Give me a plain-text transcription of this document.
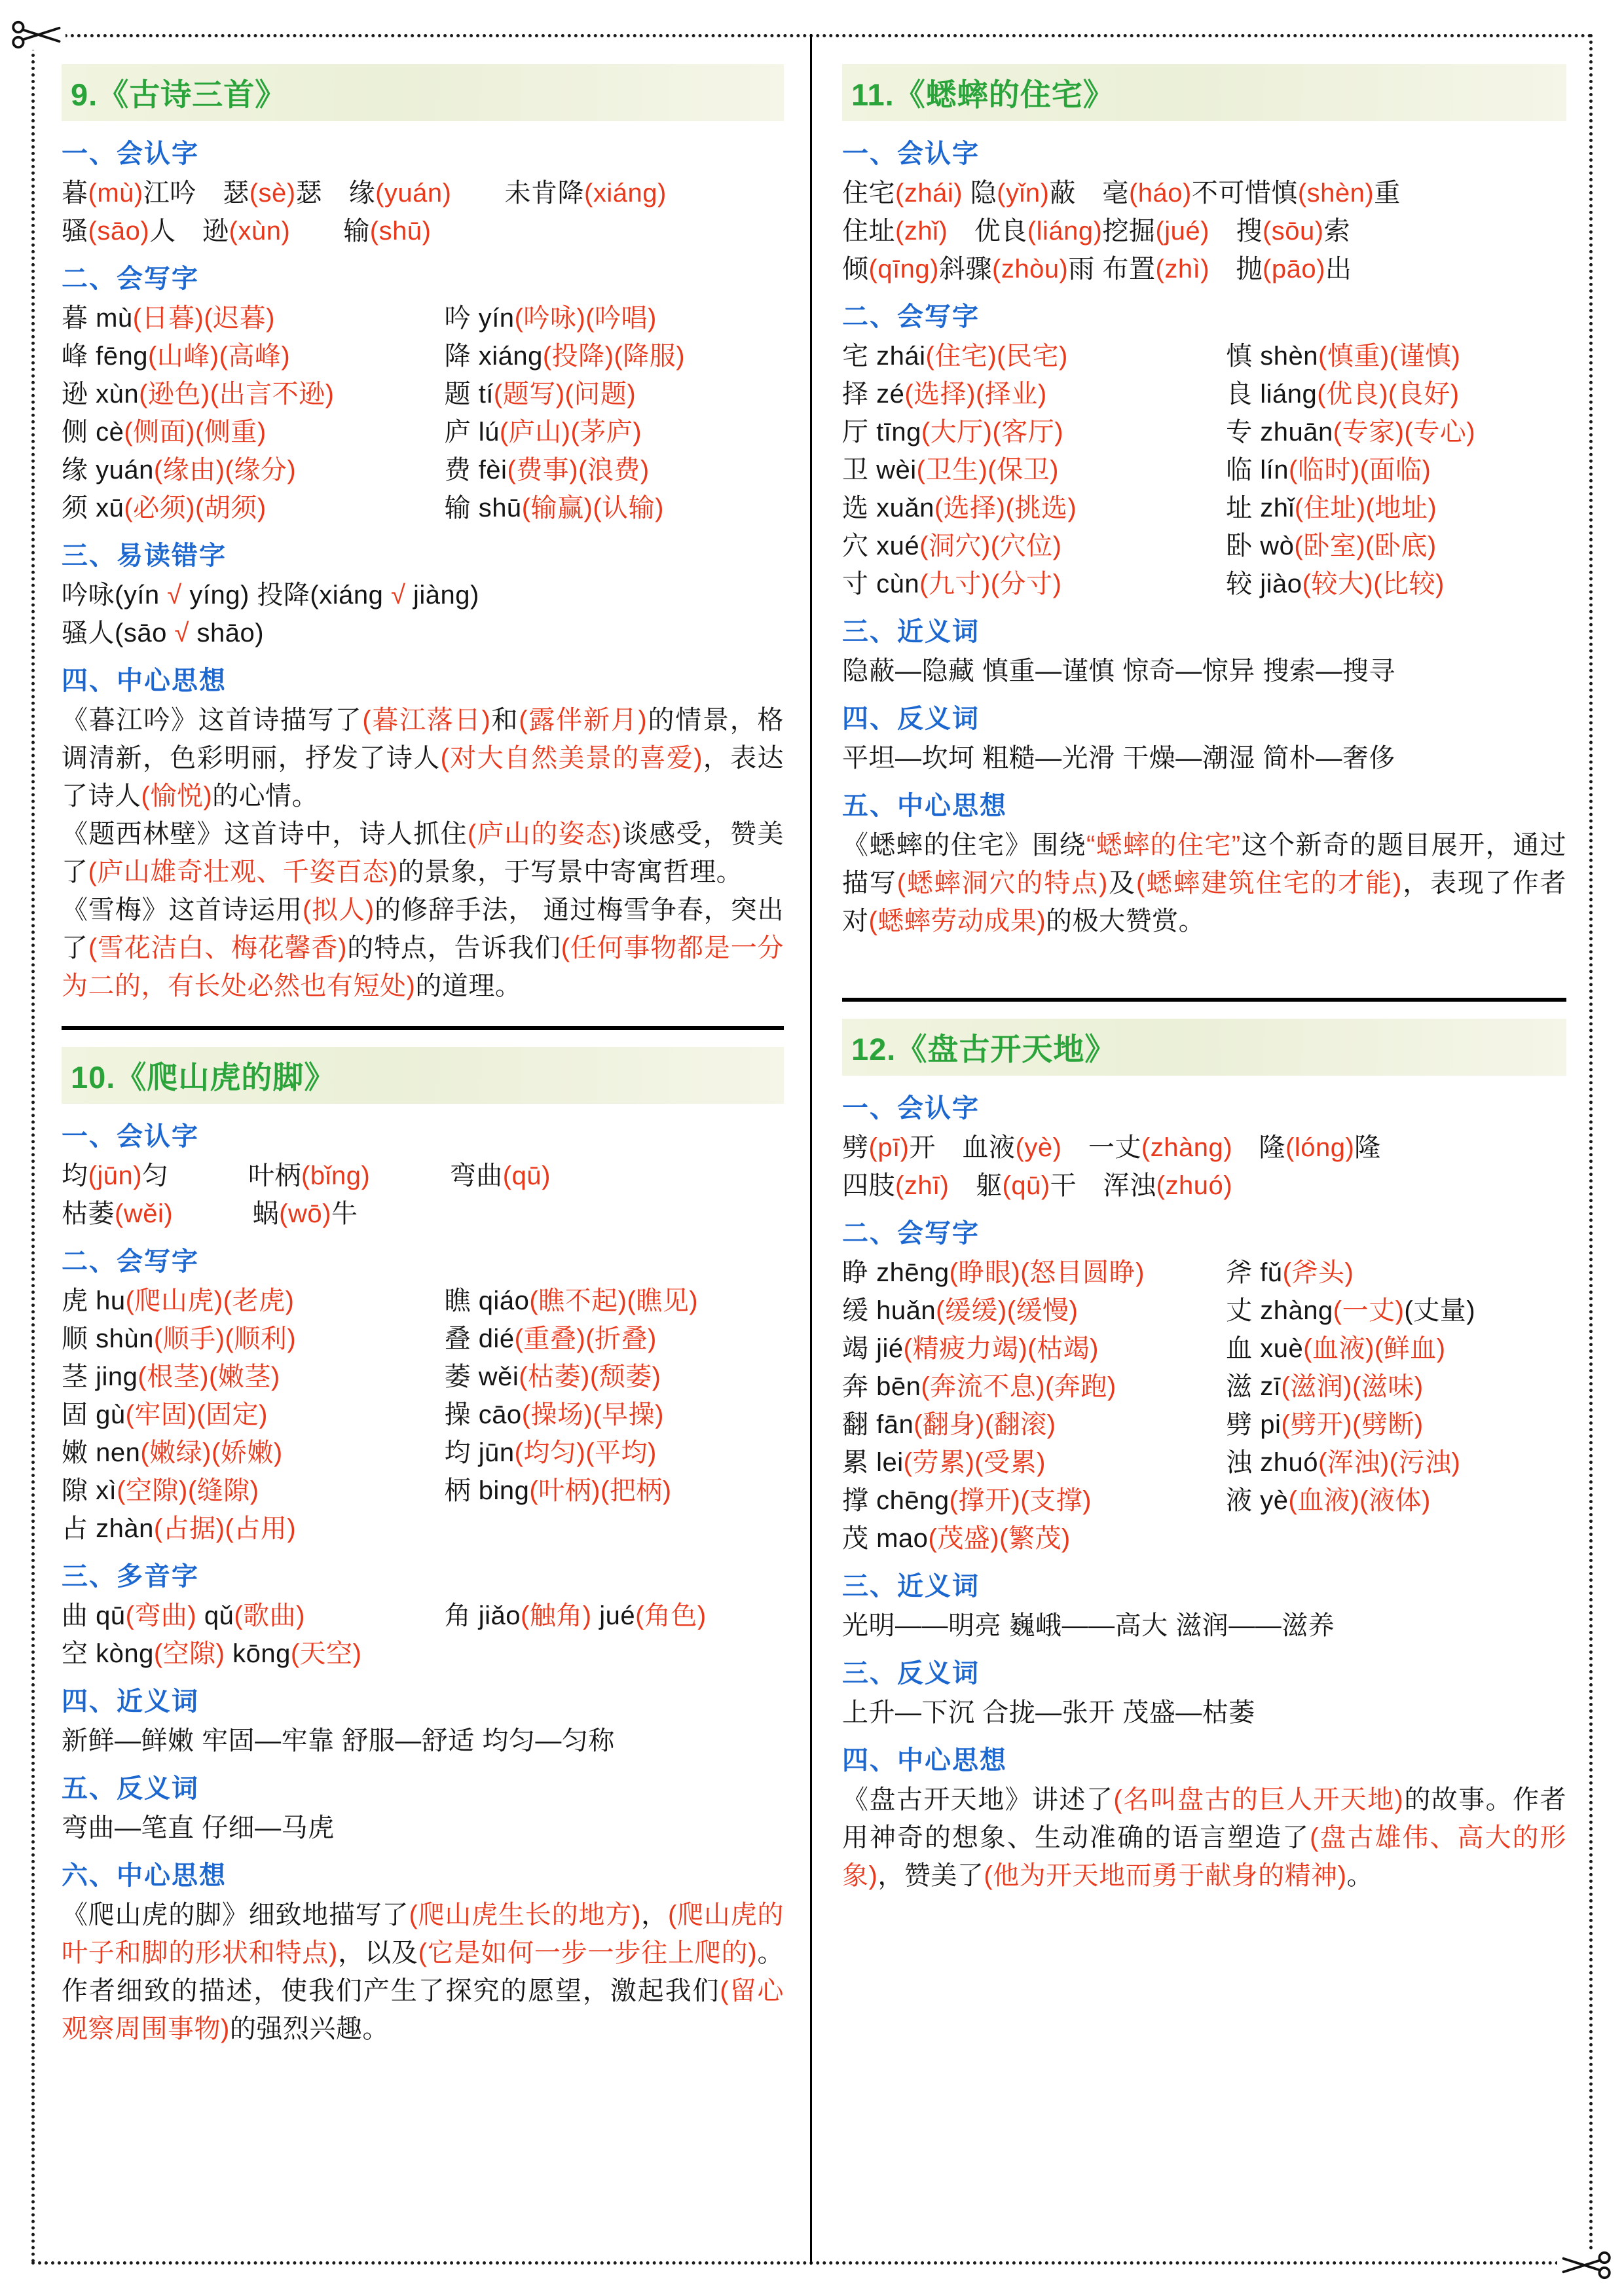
9.《古诗三首》
一、会认字
暮(mù)江吟　瑟(sè)瑟　缘(yuán)　　未肯降(xiáng)
骚(sāo)人　逊(xùn)　　输(shū)
二、会写字
暮 mù(日暮)(迟暮)	吟 yín(吟咏)(吟唱)
峰 fēng(山峰)(高峰)	降 xiáng(投降)(降服)
逊 xùn(逊色)(出言不逊)	题 tí(题写)(问题)
侧 cè(侧面)(侧重)	庐 lú(庐山)(茅庐)
缘 yuán(缘由)(缘分)	费 fèi(费事)(浪费)
须 xū(必须)(胡须)	输 shū(输赢)(认输)
三、易读错字
吟咏(yín √ yíng) 投降(xiáng √ jiàng)
骚人(sāo √ shāo)
四、中心思想
《暮江吟》这首诗描写了(暮江落日)和(露伴新月)的情景，格调清新，色彩明丽，抒发了诗人(对大自然美景的喜爱)，表达了诗人(愉悦)的心情。
《题西林壁》这首诗中，诗人抓住(庐山的姿态)谈感受，赞美了(庐山雄奇壮观、千姿百态)的景象，于写景中寄寓哲理。
《雪梅》这首诗运用(拟人)的修辞手法， 通过梅雪争春，突出了(雪花洁白、梅花馨香)的特点，告诉我们(任何事物都是一分为二的，有长处必然也有短处)的道理。
10.《爬山虎的脚》
一、会认字
均(jūn)匀　　　叶柄(bǐng)　　　弯曲(qū)
枯萎(wěi)　　　蜗(wō)牛
二、会写字
虎 hu(爬山虎)(老虎)	瞧 qiáo(瞧不起)(瞧见)
顺 shùn(顺手)(顺利)	叠 dié(重叠)(折叠)
茎 jing(根茎)(嫩茎)	萎 wěi(枯萎)(颓萎)
固 gù(牢固)(固定)	操 cāo(操场)(早操)
嫩 nen(嫩绿)(娇嫩)	均 jūn(均匀)(平均)
隙 xì(空隙)(缝隙)	柄 bing(叶柄)(把柄)
占 zhàn(占据)(占用)
三、多音字
曲 qū(弯曲) qǔ(歌曲)	角 jiǎo(触角) jué(角色)
空 kòng(空隙) kōng(天空)
四、近义词
新鲜—鲜嫩 牢固—牢靠 舒服—舒适 均匀—匀称
五、反义词
弯曲—笔直 仔细—马虎
六、中心思想
《爬山虎的脚》细致地描写了(爬山虎生长的地方)，(爬山虎的叶子和脚的形状和特点)，以及(它是如何一步一步往上爬的)。作者细致的描述，使我们产生了探究的愿望，激起我们(留心观察周围事物)的强烈兴趣。
11.《蟋蟀的住宅》
一、会认字
住宅(zhái) 隐(yǐn)蔽　毫(háo)不可惜慎(shèn)重
住址(zhǐ)　优良(liáng)挖掘(jué)　搜(sōu)索
倾(qīng)斜骤(zhòu)雨 布置(zhì)　抛(pāo)出
二、会写字
宅 zhái(住宅)(民宅)	慎 shèn(慎重)(谨慎)
择 zé(选择)(择业)	良 liáng(优良)(良好)
厅 tīng(大厅)(客厅)	专 zhuān(专家)(专心)
卫 wèi(卫生)(保卫)	临 lín(临时)(面临)
选 xuǎn(选择)(挑选)	址 zhǐ(住址)(地址)
穴 xué(洞穴)(穴位)	卧 wò(卧室)(卧底)
寸 cùn(九寸)(分寸)	较 jiào(较大)(比较)
三、近义词
隐蔽—隐藏 慎重—谨慎 惊奇—惊异 搜索—搜寻
四、反义词
平坦—坎坷 粗糙—光滑 干燥—潮湿 简朴—奢侈
五、中心思想
《蟋蟀的住宅》围绕“蟋蟀的住宅”这个新奇的题目展开，通过描写(蟋蟀洞穴的特点)及(蟋蟀建筑住宅的才能)，表现了作者对(蟋蟀劳动成果)的极大赞赏。
12.《盘古开天地》
一、会认字
劈(pī)开　血液(yè)　一丈(zhàng)　隆(lóng)隆
四肢(zhī)　躯(qū)干　浑浊(zhuó)
二、会写字
睁 zhēng(睁眼)(怒目圆睁)	斧 fǔ(斧头)
缓 huǎn(缓缓)(缓慢)	丈 zhàng(一丈)(丈量)
竭 jié(精疲力竭)(枯竭)	血 xuè(血液)(鲜血)
奔 bēn(奔流不息)(奔跑)	滋 zī(滋润)(滋味)
翻 fān(翻身)(翻滚)	劈 pi(劈开)(劈断)
累 lei(劳累)(受累)	浊 zhuó(浑浊)(污浊)
撑 chēng(撑开)(支撑)	液 yè(血液)(液体)
茂 mao(茂盛)(繁茂)
三、近义词
光明——明亮 巍峨——高大 滋润——滋养
三、反义词
上升—下沉 合拢—张开 茂盛—枯萎
四、中心思想
《盘古开天地》讲述了(名叫盘古的巨人开天地)的故事。作者用神奇的想象、生动准确的语言塑造了(盘古雄伟、高大的形象)，赞美了(他为开天地而勇于献身的精神)。
